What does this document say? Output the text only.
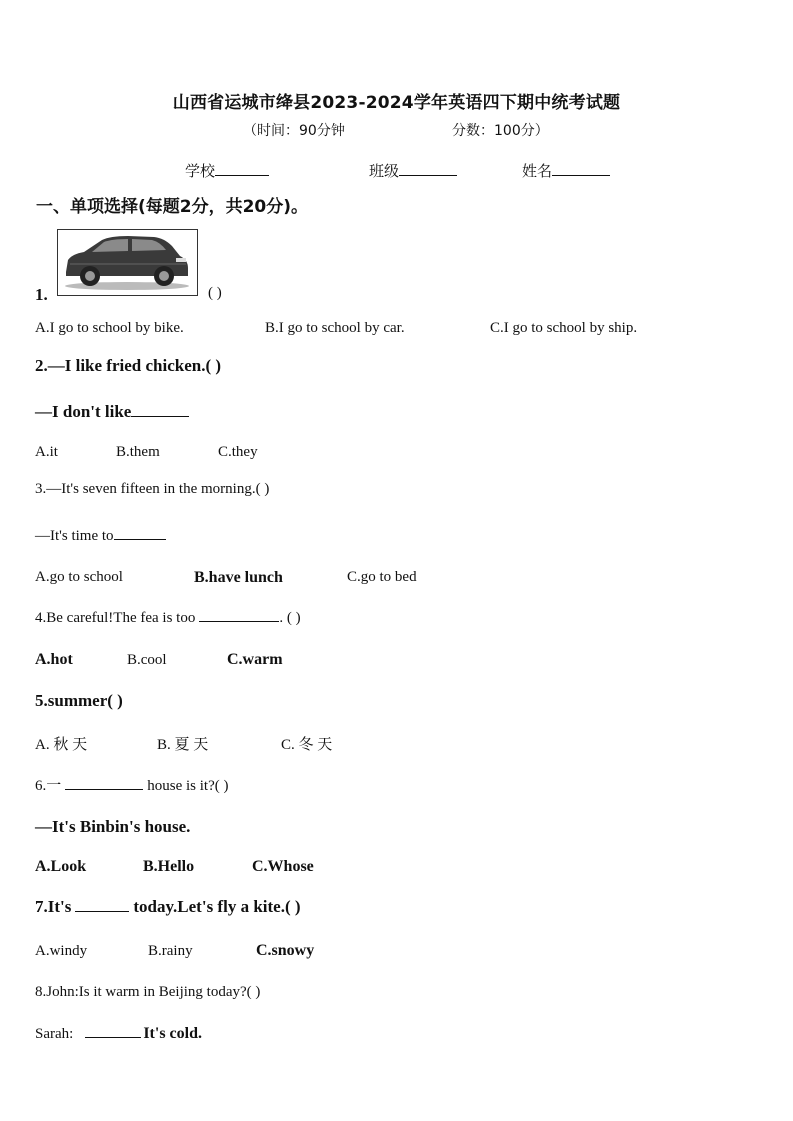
山西省运城市绛县2023-2024学年英语四下期中统考试题
（时间：90分钟	分数：100分）
学校	班级	姓名
一、单项选择(每题2分，共20分)。
1.	( )
A.I go to school by bike.	B.I go to school by car.	C.I go to school by ship.
2.—I like fried chicken.( )
—I don't like
A.it	B.them	C.they
3.—It's seven fifteen in the morning.( )
—It's time to
A.go to school	B.have lunch	C.go to bed
4.Be careful!The fea is too	. ( )
A.hot	B.cool	C.warm
5.summer( )
A. 秋 天	B. 夏 天	C. 冬 天
6.一	house is it?( )
—It's Binbin's house.
A.Look	B.Hello	C.Whose
7.It's	today.Let's fly a kite.( )
A.windy	B.rainy	C.snowy
8.John:Is it warm in Beijing today?( )
Sarah:	It's cold.
